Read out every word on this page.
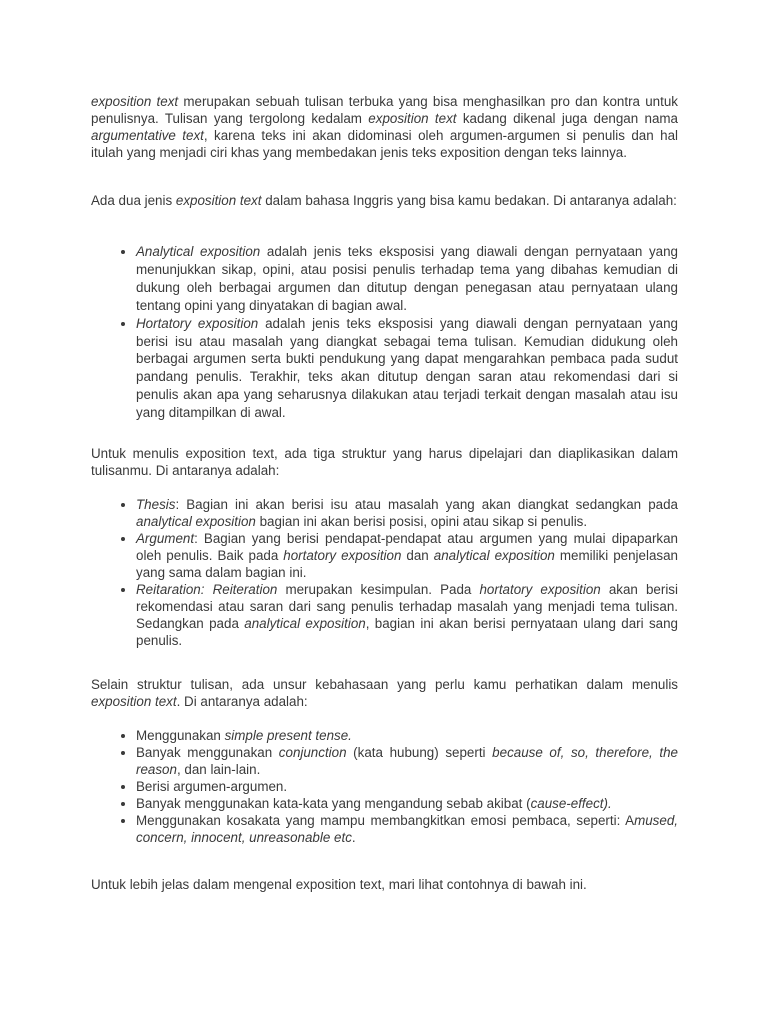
exposition text merupakan sebuah tulisan terbuka yang bisa menghasilkan pro dan kontra untuk penulisnya. Tulisan yang tergolong kedalam exposition text kadang dikenal juga dengan nama argumentative text, karena teks ini akan didominasi oleh argumen-argumen si penulis dan hal itulah yang menjadi ciri khas yang membedakan jenis teks exposition dengan teks lainnya.

Ada dua jenis exposition text dalam bahasa Inggris yang bisa kamu bedakan. Di antaranya adalah:

• Analytical exposition adalah jenis teks eksposisi yang diawali dengan pernyataan yang menunjukkan sikap, opini, atau posisi penulis terhadap tema yang dibahas kemudian di dukung oleh berbagai argumen dan ditutup dengan penegasan atau pernyataan ulang tentang opini yang dinyatakan di bagian awal.
• Hortatory exposition adalah jenis teks eksposisi yang diawali dengan pernyataan yang berisi isu atau masalah yang diangkat sebagai tema tulisan. Kemudian didukung oleh berbagai argumen serta bukti pendukung yang dapat mengarahkan pembaca pada sudut pandang penulis. Terakhir, teks akan ditutup dengan saran atau rekomendasi dari si penulis akan apa yang seharusnya dilakukan atau terjadi terkait dengan masalah atau isu yang ditampilkan di awal.

Untuk menulis exposition text, ada tiga struktur yang harus dipelajari dan diaplikasikan dalam tulisanmu. Di antaranya adalah:

• Thesis: Bagian ini akan berisi isu atau masalah yang akan diangkat sedangkan pada analytical exposition bagian ini akan berisi posisi, opini atau sikap si penulis.
• Argument: Bagian yang berisi pendapat-pendapat atau argumen yang mulai dipaparkan oleh penulis. Baik pada hortatory exposition dan analytical exposition memiliki penjelasan yang sama dalam bagian ini.
• Reitaration: Reiteration merupakan kesimpulan. Pada hortatory exposition akan berisi rekomendasi atau saran dari sang penulis terhadap masalah yang menjadi tema tulisan. Sedangkan pada analytical exposition, bagian ini akan berisi pernyataan ulang dari sang penulis.

Selain struktur tulisan, ada unsur kebahasaan yang perlu kamu perhatikan dalam menulis exposition text. Di antaranya adalah:

• Menggunakan simple present tense.
• Banyak menggunakan conjunction (kata hubung) seperti because of, so, therefore, the reason, dan lain-lain.
• Berisi argumen-argumen.
• Banyak menggunakan kata-kata yang mengandung sebab akibat (cause-effect).
• Menggunakan kosakata yang mampu membangkitkan emosi pembaca, seperti: Amused, concern, innocent, unreasonable etc.

Untuk lebih jelas dalam mengenal exposition text, mari lihat contohnya di bawah ini.
